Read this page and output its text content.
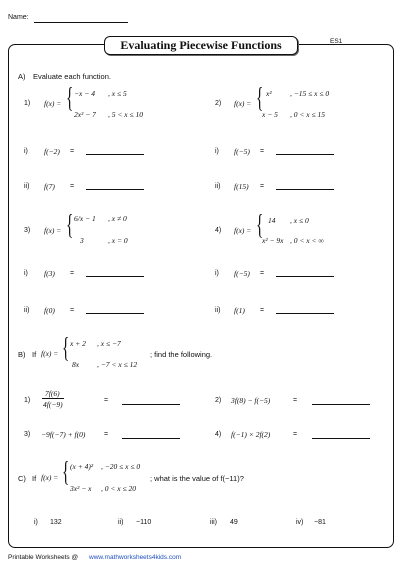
Name:
ES1
Evaluating Piecewise Functions
A) Evaluate each function.
1) f(x) = { −x − 4 , x ≤ 5
2x² − 7 , 5 < x ≤ 10
2) f(x) = { x² , −15 ≤ x ≤ 0
x − 5 , 0 < x ≤ 15
i) f(−2) =	i) f(−5) =
ii) f(7) =	ii) f(15) =
3) f(x) = { 6/x − 1 , x ≠ 0
3	, x = 0
4) f(x) = { 14 , x ≤ 0
x² − 9x , 0 < x < ∞
i) f(3) =	i) f(−5) =
ii) f(0) =	ii) f(1) =
B) If f(x) = { x + 2 , x ≤ −7
8x , −7 < x ≤ 12
; find the following.
1)
7f(6)
4f(−9)	=	2) 3f(8) − f(−5)	=
3) −9f(−7) + f(0)	=	4) f(−1) × 2f(2)	=
C) If f(x) = { (x + 4)² , −20 ≤ x ≤ 0
3x² − x , 0 < x ≤ 20
; what is the value of f(−11)?
i) 132	ii) −110	iii) 49	iv) −81
Printable Worksheets @ www.mathworksheets4kids.com
